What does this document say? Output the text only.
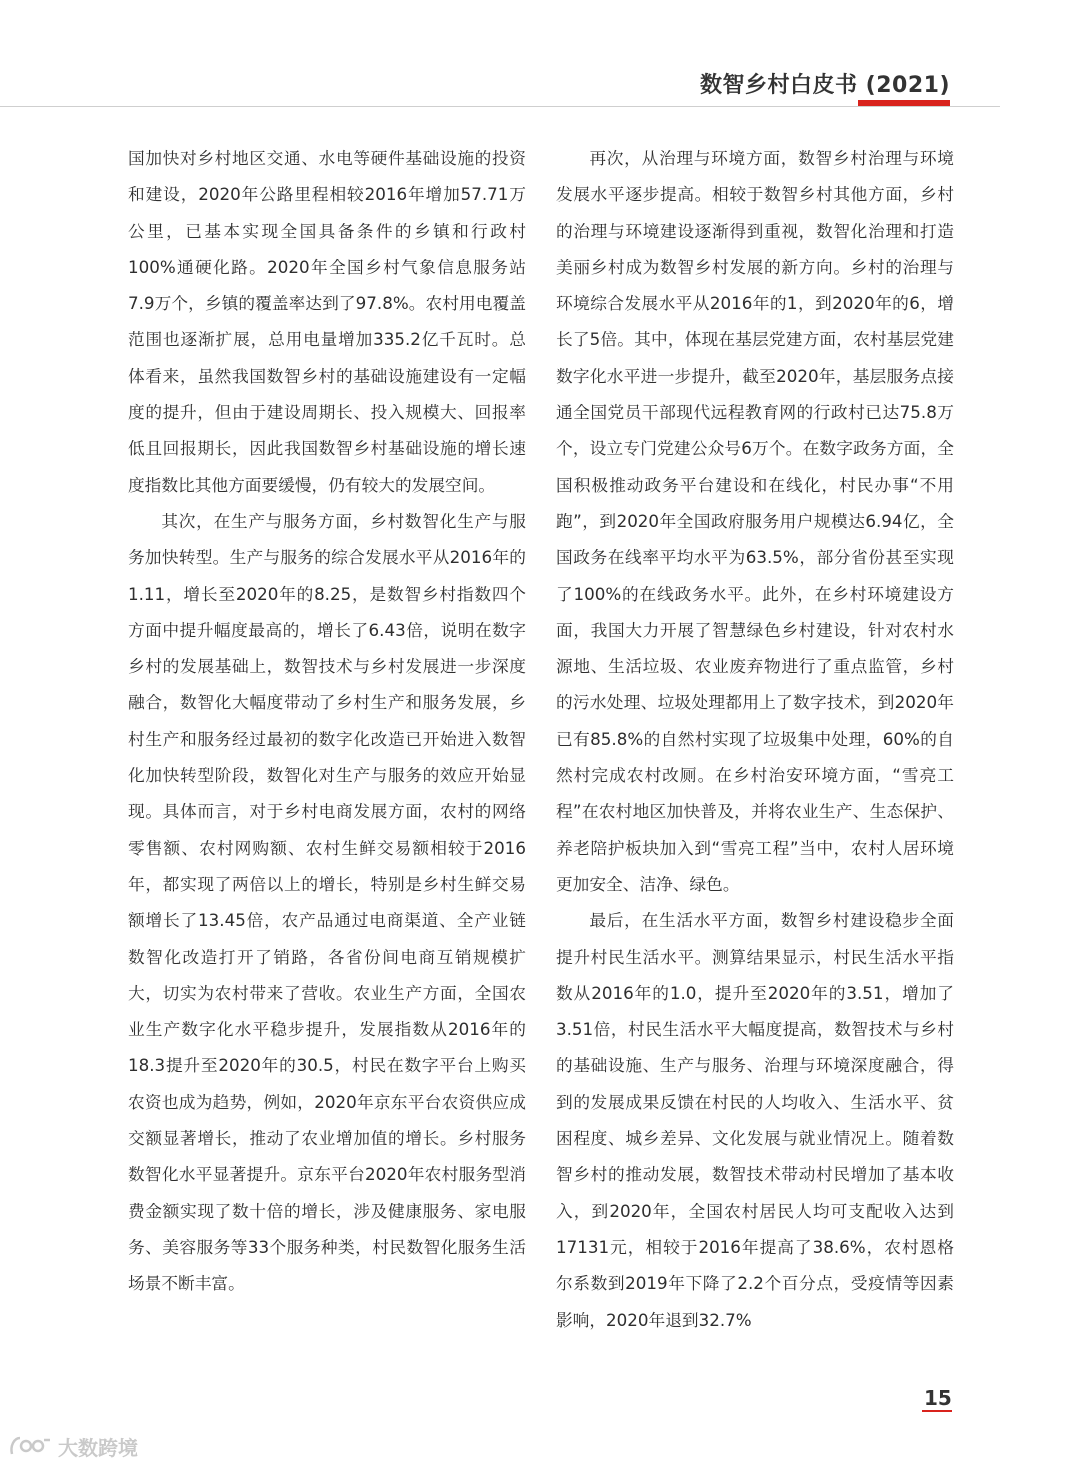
数智乡村白皮书 (2021)

国加快对乡村地区交通、水电等硬件基础设施的投资和建设，2020年公路里程相较2016年增加57.71万公里，已基本实现全国具备条件的乡镇和行政村100%通硬化路。2020年全国乡村气象信息服务站7.9万个，乡镇的覆盖率达到了97.8%。农村用电覆盖范围也逐渐扩展，总用电量增加335.2亿千瓦时。总体看来，虽然我国数智乡村的基础设施建设有一定幅度的提升，但由于建设周期长、投入规模大、回报率低且回报期长，因此我国数智乡村基础设施的增长速度指数比其他方面要缓慢，仍有较大的发展空间。

其次，在生产与服务方面，乡村数智化生产与服务加快转型。生产与服务的综合发展水平从2016年的1.11，增长至2020年的8.25，是数智乡村指数四个方面中提升幅度最高的，增长了6.43倍，说明在数字乡村的发展基础上，数智技术与乡村发展进一步深度融合，数智化大幅度带动了乡村生产和服务发展，乡村生产和服务经过最初的数字化改造已开始进入数智化加快转型阶段，数智化对生产与服务的效应开始显现。具体而言，对于乡村电商发展方面，农村的网络零售额、农村网购额、农村生鲜交易额相较于2016年，都实现了两倍以上的增长，特别是乡村生鲜交易额增长了13.45倍，农产品通过电商渠道、全产业链数智化改造打开了销路，各省份间电商互销规模扩大，切实为农村带来了营收。农业生产方面，全国农业生产数字化水平稳步提升，发展指数从2016年的18.3提升至2020年的30.5，村民在数字平台上购买农资也成为趋势，例如，2020年京东平台农资供应成交额显著增长，推动了农业增加值的增长。乡村服务数智化水平显著提升。京东平台2020年农村服务型消费金额实现了数十倍的增长，涉及健康服务、家电服务、美容服务等33个服务种类，村民数智化服务生活场景不断丰富。

再次，从治理与环境方面，数智乡村治理与环境发展水平逐步提高。相较于数智乡村其他方面，乡村的治理与环境建设逐渐得到重视，数智化治理和打造美丽乡村成为数智乡村发展的新方向。乡村的治理与环境综合发展水平从2016年的1，到2020年的6，增长了5倍。其中，体现在基层党建方面，农村基层党建数字化水平进一步提升，截至2020年，基层服务点接通全国党员干部现代远程教育网的行政村已达75.8万个，设立专门党建公众号6万个。在数字政务方面，全国积极推动政务平台建设和在线化，村民办事“不用跑”，到2020年全国政府服务用户规模达6.94亿，全国政务在线率平均水平为63.5%，部分省份甚至实现了100%的在线政务水平。此外，在乡村环境建设方面，我国大力开展了智慧绿色乡村建设，针对农村水源地、生活垃圾、农业废弃物进行了重点监管，乡村的污水处理、垃圾处理都用上了数字技术，到2020年已有85.8%的自然村实现了垃圾集中处理，60%的自然村完成农村改厕。在乡村治安环境方面，“雪亮工程”在农村地区加快普及，并将农业生产、生态保护、养老陪护板块加入到“雪亮工程”当中，农村人居环境更加安全、洁净、绿色。

最后，在生活水平方面，数智乡村建设稳步全面提升村民生活水平。测算结果显示，村民生活水平指数从2016年的1.0，提升至2020年的3.51，增加了3.51倍，村民生活水平大幅度提高，数智技术与乡村的基础设施、生产与服务、治理与环境深度融合，得到的发展成果反馈在村民的人均收入、生活水平、贫困程度、城乡差异、文化发展与就业情况上。随着数智乡村的推动发展，数智技术带动村民增加了基本收入，到2020年，全国农村居民人均可支配收入达到17131元，相较于2016年提高了38.6%，农村恩格尔系数到2019年下降了2.2个百分点，受疫情等因素影响，2020年退到32.7%

15
大数跨境
